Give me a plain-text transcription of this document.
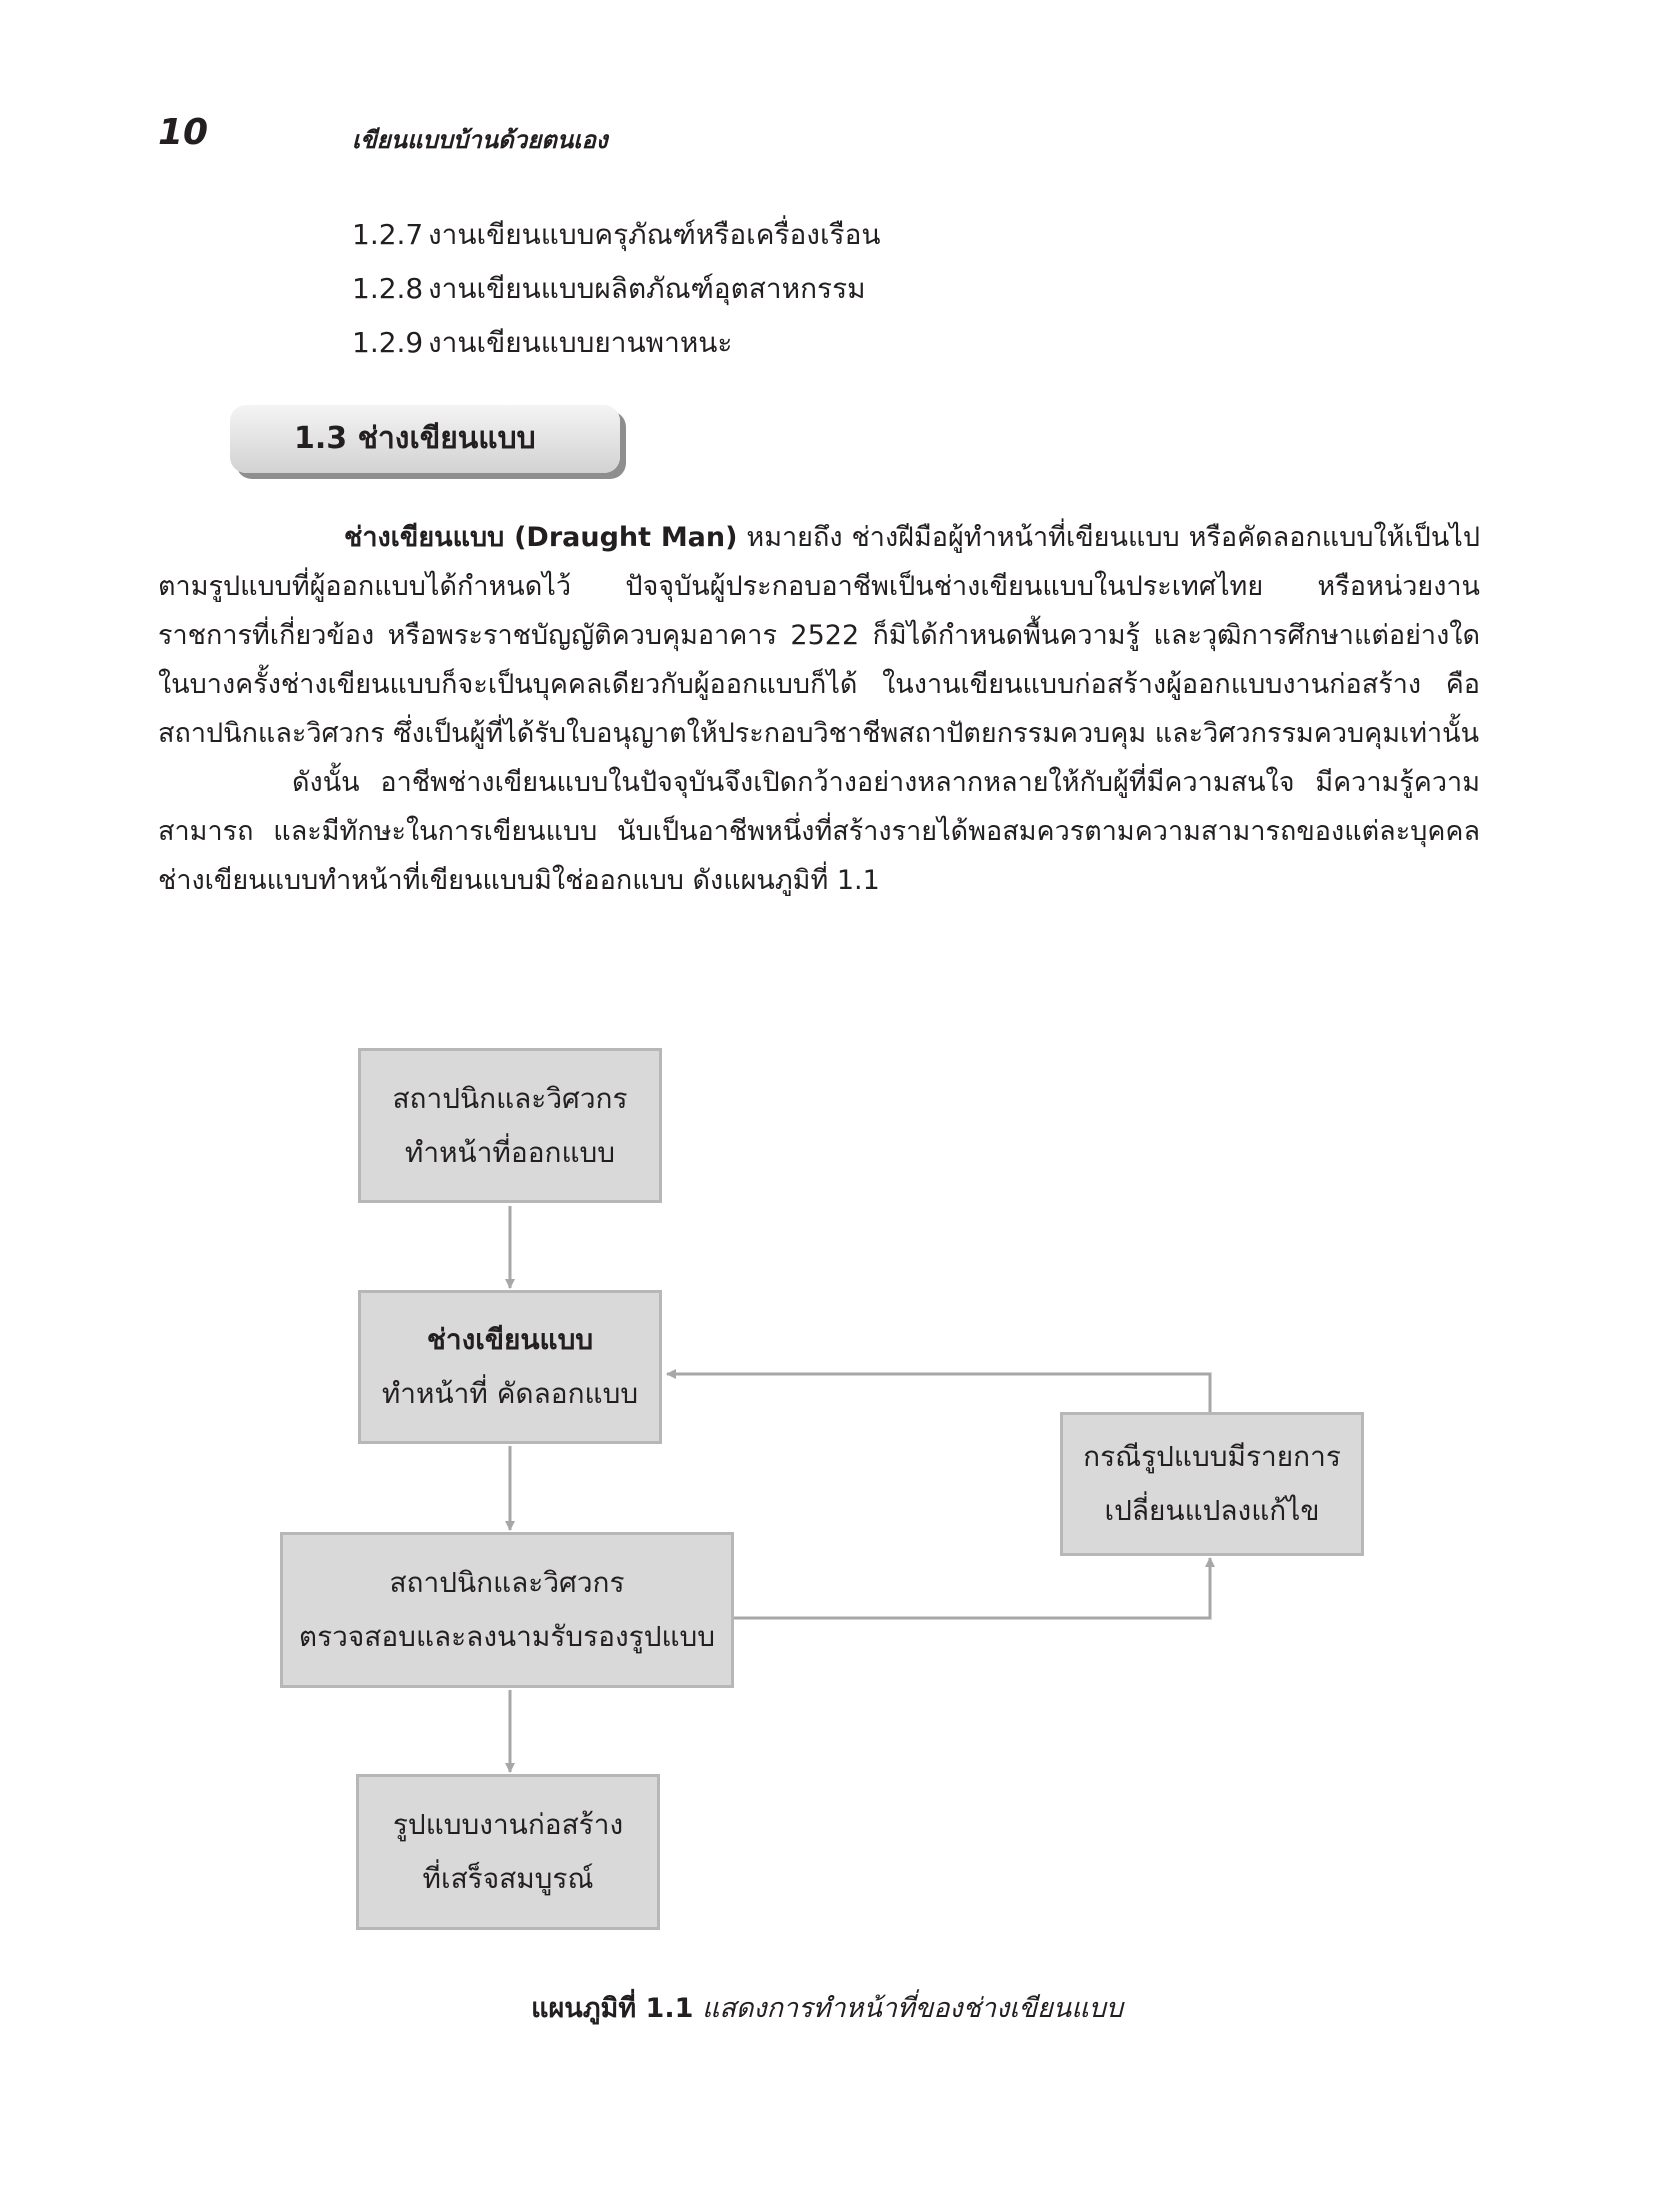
10	เขียนแบบบ้านด้วยตนเอง
1.2.7 งานเขียนแบบครุภัณฑ์หรือเครื่องเรือน
1.2.8 งานเขียนแบบผลิตภัณฑ์อุตสาหกรรม
1.2.9 งานเขียนแบบยานพาหนะ
1.3 ช่างเขียนแบบ

ช่างเขียนแบบ (Draught Man) หมายถึง ช่างฝีมือผู้ทำหน้าที่เขียนแบบ หรือคัดลอกแบบให้เป็นไปตามรูปแบบที่ผู้ออกแบบได้กำหนดไว้ ปัจจุบันผู้ประกอบอาชีพเป็นช่างเขียนแบบในประเทศไทย หรือหน่วยงานราชการที่เกี่ยวข้อง หรือพระราชบัญญัติควบคุมอาคาร 2522 ก็มิได้กำหนดพื้นความรู้ และวุฒิการศึกษาแต่อย่างใด ในบางครั้งช่างเขียนแบบก็จะเป็นบุคคลเดียวกับผู้ออกแบบก็ได้ ในงานเขียนแบบก่อสร้างผู้ออกแบบงานก่อสร้าง คือ สถาปนิกและวิศวกร ซึ่งเป็นผู้ที่ได้รับใบอนุญาตให้ประกอบวิชาชีพสถาปัตยกรรมควบคุม และวิศวกรรมควบคุมเท่านั้น

ดังนั้น อาชีพช่างเขียนแบบในปัจจุบันจึงเปิดกว้างอย่างหลากหลายให้กับผู้ที่มีความสนใจ มีความรู้ความสามารถ และมีทักษะในการเขียนแบบ นับเป็นอาชีพหนึ่งที่สร้างรายได้พอสมควรตามความสามารถของแต่ละบุคคล ช่างเขียนแบบทำหน้าที่เขียนแบบมิใช่ออกแบบ ดังแผนภูมิที่ 1.1

สถาปนิกและวิศวกร
ทำหน้าที่ออกแบบ
ช่างเขียนแบบ
ทำหน้าที่ คัดลอกแบบ
กรณีรูปแบบมีรายการ
เปลี่ยนแปลงแก้ไข
สถาปนิกและวิศวกร
ตรวจสอบและลงนามรับรองรูปแบบ
รูปแบบงานก่อสร้าง
ที่เสร็จสมบูรณ์
แผนภูมิที่ 1.1 แสดงการทำหน้าที่ของช่างเขียนแบบ
